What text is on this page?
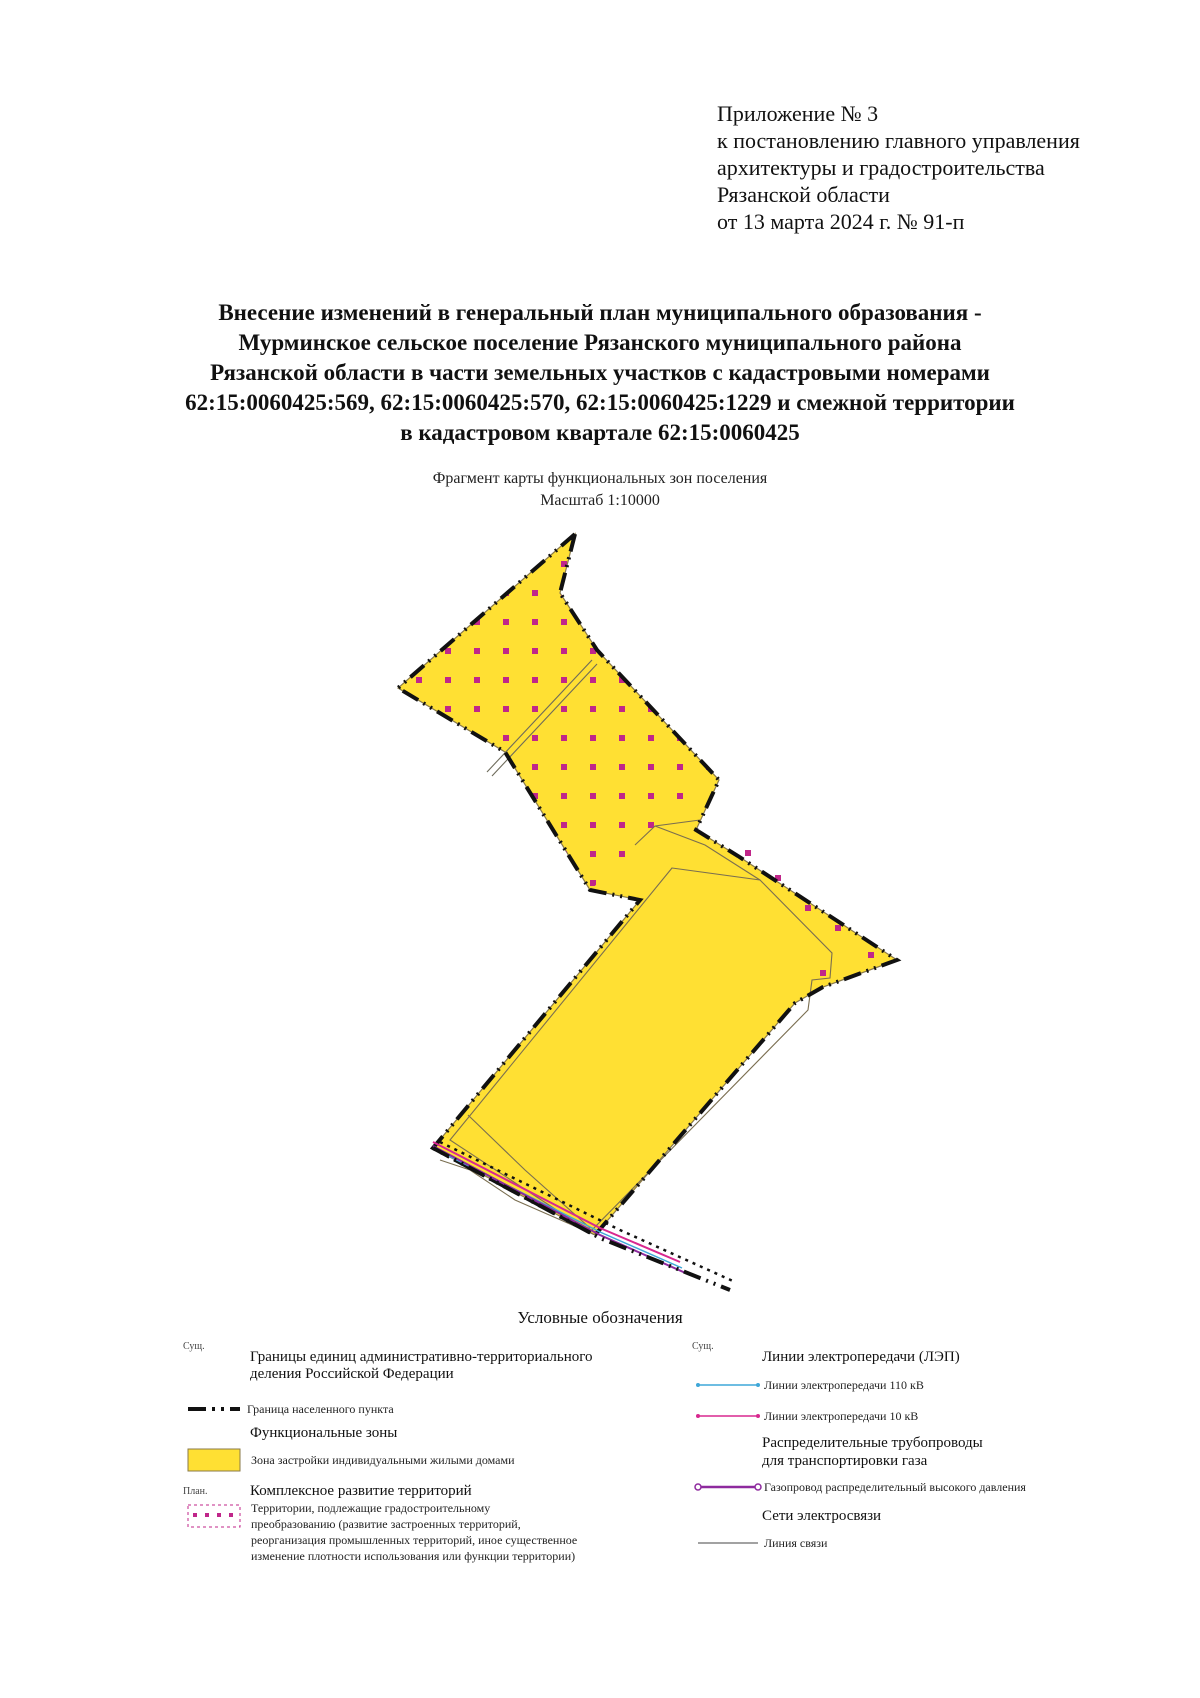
Приложение № 3
к постановлению главного управления
архитектуры и градостроительства
Рязанской области
от 13 марта 2024 г. № 91-п
Внесение изменений в генеральный план муниципального образования -
Мурминское сельское поселение Рязанского муниципального района
Рязанской области в части земельных участков с кадастровыми номерами
62:15:0060425:569, 62:15:0060425:570, 62:15:0060425:1229 и смежной территории
в кадастровом квартале 62:15:0060425
Фрагмент карты функциональных зон поселения
Масштаб 1:10000
Условные обозначения
Сущ.
Границы единиц административно-территориального
деления Российской Федерации
Граница населенного пункта
Функциональные зоны
Зона застройки индивидуальными жилыми домами
План.	Комплексное развитие территорий
Территории, подлежащие градостроительному
преобразованию (развитие застроенных территорий,
реорганизация промышленных территорий, иное существенное
изменение плотности использования или функции территории)
Сущ.
Линии электропередачи (ЛЭП)
Линии электропередачи 110 кВ
Линии электропередачи 10 кВ
Распределительные трубопроводы
для транспортировки газа
Газопровод распределительный высокого давления
Сети электросвязи
Линия связи
